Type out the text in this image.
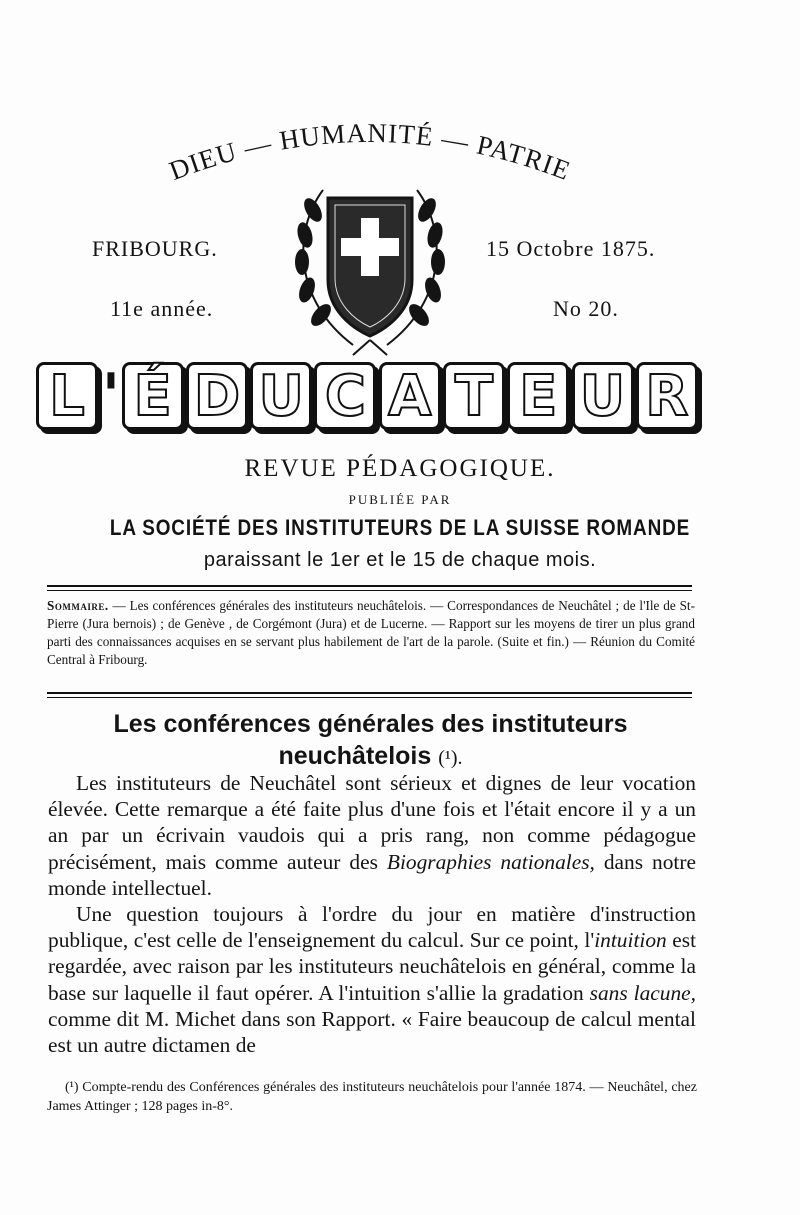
DIEU — HUMANITÉ — PATRIE
FRIBOURG.	15 Octobre 1875.
11e année.	No 20.
L ' É D U C A T E U R
REVUE PÉDAGOGIQUE.
PUBLIÉE PAR
LA SOCIÉTÉ DES INSTITUTEURS DE LA SUISSE ROMANDE
paraissant le 1er et le 15 de chaque mois.
Sommaire. — Les conférences générales des instituteurs neuchâtelois. — Correspondances de Neuchâtel ; de l'Ile de St-Pierre (Jura bernois) ; de Genève , de Corgémont (Jura) et de Lucerne. — Rapport sur les moyens de tirer un plus grand parti des connaissances acquises en se servant plus habilement de l'art de la parole. (Suite et fin.) — Réunion du Comité Central à Fribourg.
Les conférences générales des instituteurs neuchâtelois (¹).

Les instituteurs de Neuchâtel sont sérieux et dignes de leur vocation élevée. Cette remarque a été faite plus d'une fois et l'était encore il y a un an par un écrivain vaudois qui a pris rang, non comme pédagogue précisément, mais comme auteur des Biographies nationales, dans notre monde intellectuel.

Une question toujours à l'ordre du jour en matière d'instruction publique, c'est celle de l'enseignement du calcul. Sur ce point, l'intuition est regardée, avec raison par les instituteurs neuchâtelois en général, comme la base sur laquelle il faut opérer. A l'intuition s'allie la gradation sans lacune, comme dit M. Michet dans son Rapport. « Faire beaucoup de calcul mental est un autre dictamen de

(¹) Compte-rendu des Conférences générales des instituteurs neuchâtelois pour l'année 1874. — Neuchâtel, chez James Attinger ; 128 pages in-8°.
